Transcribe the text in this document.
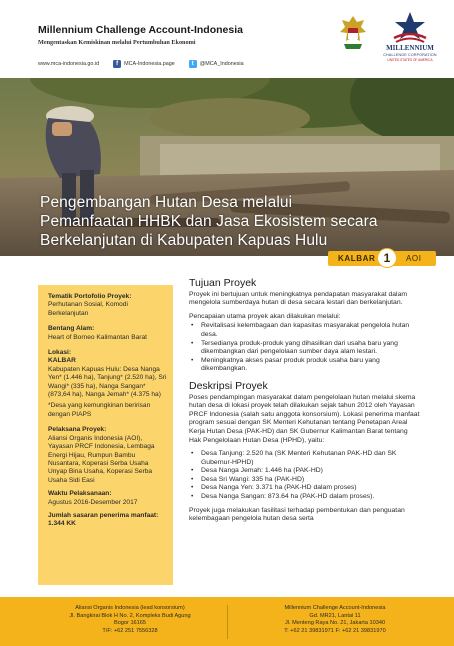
Millennium Challenge Account-Indonesia
Mengentaskan Kemiskinan melalui Pertumbuhan Ekonomi
www.mca-indonesia.go.id	f	MCA-Indonesia.page	t	@MCA_Indonesia
MILLENNIUM
CHALLENGE CORPORATION
UNITED STATES OF AMERICA
Pengembangan Hutan Desa melalui
Pemanfaatan HHBK dan Jasa Ekosistem secara
Berkelanjutan di Kabupaten Kapuas Hulu
KALBAR 1	AOI
Tematik Portofolio Proyek:
Perhutanan Sosial, Komodi Berkelanjutan
Bentang Alam:
Heart of Borneo Kalimantan Barat
Lokasi:
KALBAR
Kabupaten Kapuas Hulu: Desa Nanga Yen* (1.446 ha), Tanjung* (2.520 ha), Sri Wangi* (335 ha), Nanga Sangan* (873,64 ha), Nanga Jemah* (4.375 ha)
*Desa yang kemungkinan beririsan dengan PIAPS
Pelaksana Proyek:
Aliansi Organis Indonesia (AOI), Yayasan PRCF Indonesia, Lembaga Energi Hijau, Rumpun Bambu Nusantara, Koperasi Serba Usaha Unyap Bina Usaha, Koperasi Serba Usaha Sidi Easi
Waktu Pelaksanaan:
Agustus 2016-Desember 2017
Jumlah sasaran penerima manfaat:
1.344 KK
Tujuan Proyek

Proyek ini bertujuan untuk meningkatnya pendapatan masyarakat dalam mengelola sumberdaya hutan di desa secara lestari dan berkelanjutan.

Pencapaian utama proyek akan dilakukan melalui:

• Revitalisasi kelembagaan dan kapasitas masyarakat pengelola hutan desa.
• Tersedianya produk-produk yang dihasilkan dari usaha baru yang dikembangkan dari pengelolaan sumber daya alam lestari.
• Meningkatnya akses pasar produk produk usaha baru yang dikembangkan.
Deskripsi Proyek

Poses pendampingan masyarakat dalam pengelolaan hutan melalui skema hutan desa di lokasi proyek telah dilakukan sejak tahun 2012 oleh Yayasan PRCF Indonesia (salah satu anggota konsorsium). Lokasi penerima manfaat program sesuai dengan SK Menteri Kehutanan tentang Penetapan Areal Kerja Hutan Desa (PAK-HD) dan SK Gubernur Kalimantan Barat tentang Hak Pengelolaan Hutan Desa (HPHD), yaitu:

• Desa Tanjung: 2.520 ha (SK Menteri Kehutanan PAK-HD dan SK Gubernur-HPHD)
• Desa Nanga Jemah: 1.446 ha (PAK-HD)
• Desa Sri Wangi: 335 ha (PAK-HD)
• Desa Nanga Yen: 3.371 ha (PAK-HD dalam proses)
• Desa Nanga Sangan: 873.64 ha (PAK-HD dalam proses).

Proyek juga melakukan fasilitasi terhadap pembentukan dan penguatan kelembagaan pengelola hutan desa serta

Aliansi Organis Indonesia (lead konsorsium)
Jl. Bangkirai Blok H No. 2, Kompleks Budi Agung
Bogor 16165
T/F: +62 251 7556328
Millennium Challenge Account-Indonesia
Gd. MR21, Lantai 11
Jl. Menteng Raya No. 21, Jakarta 10340
T: +62 21 39831971 F: +62 21 39831970
